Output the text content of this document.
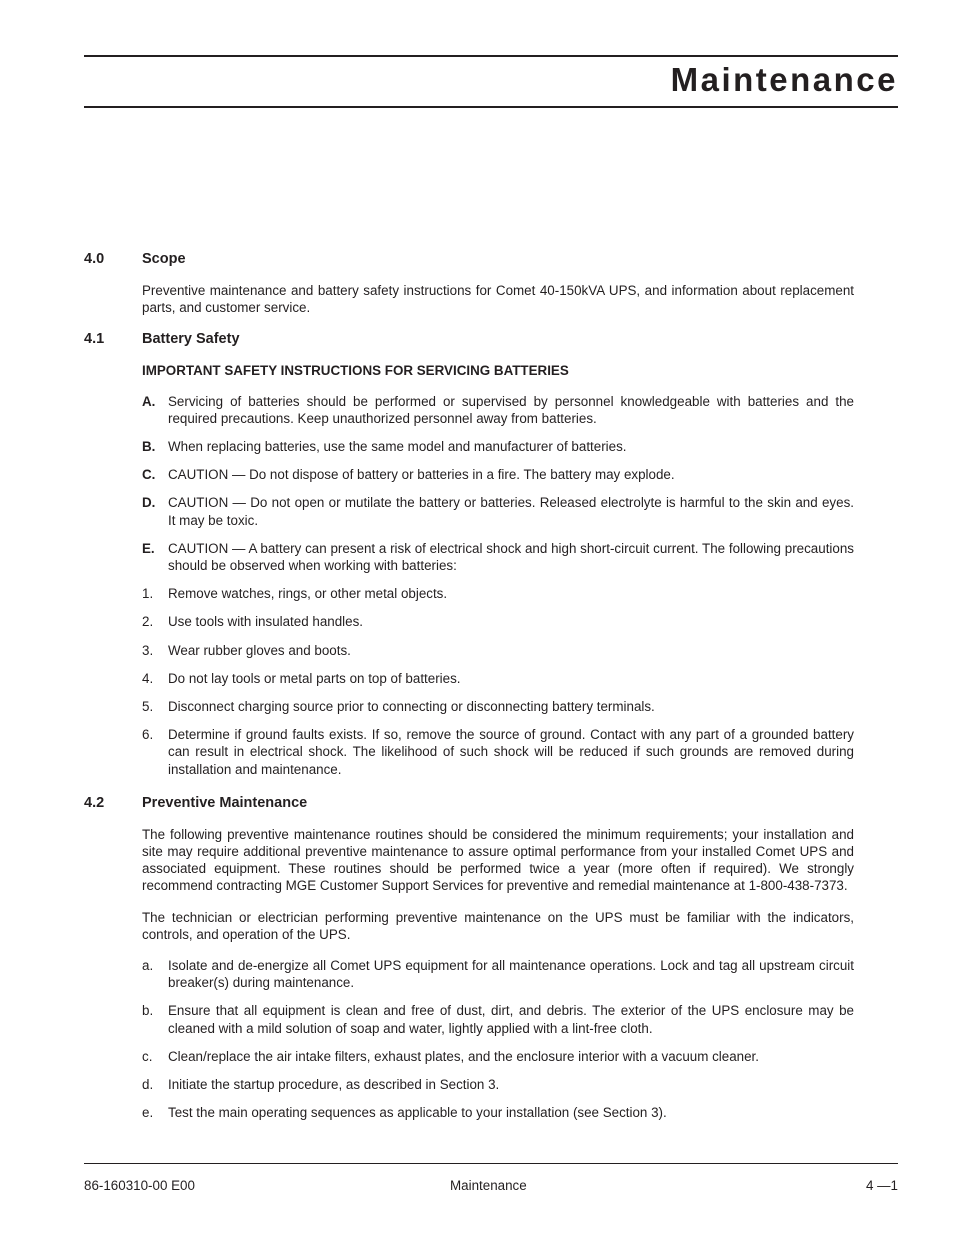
Maintenance
4.0	Scope

Preventive maintenance and battery safety instructions for Comet 40-150kVA UPS, and information about replacement parts, and customer service.

4.1	Battery Safety
IMPORTANT SAFETY INSTRUCTIONS FOR SERVICING BATTERIES
A. Servicing of batteries should be performed or supervised by personnel knowledgeable with batteries and the required precautions. Keep unauthorized personnel away from batteries.
B. When replacing batteries, use the same model and manufacturer of batteries.
C. CAUTION — Do not dispose of battery or batteries in a fire. The battery may explode.
D. CAUTION — Do not open or mutilate the battery or batteries. Released electrolyte is harmful to the skin and eyes. It may be toxic.
E. CAUTION — A battery can present a risk of electrical shock and high short-circuit current. The following precautions should be observed when working with batteries:
1.	Remove watches, rings, or other metal objects.
2.	Use tools with insulated handles.
3.	Wear rubber gloves and boots.
4.	Do not lay tools or metal parts on top of batteries.
5.	Disconnect charging source prior to connecting or disconnecting battery terminals.
6.	Determine if ground faults exists. If so, remove the source of ground. Contact with any part of a grounded battery can result in electrical shock. The likelihood of such shock will be reduced if such grounds are removed during installation and maintenance.
4.2	Preventive Maintenance

The following preventive maintenance routines should be considered the minimum requirements; your installation and site may require additional preventive maintenance to assure optimal performance from your installed Comet UPS and associated equipment. These routines should be performed twice a year (more often if required). We strongly recommend contracting MGE Customer Support Services for preventive and remedial maintenance at 1-800-438-7373.

The technician or electrician performing preventive maintenance on the UPS must be familiar with the indicators, controls, and operation of the UPS.

a.	Isolate and de-energize all Comet UPS equipment for all maintenance operations. Lock and tag all upstream circuit breaker(s) during maintenance.
b.	Ensure that all equipment is clean and free of dust, dirt, and debris. The exterior of the UPS enclosure may be cleaned with a mild solution of soap and water, lightly applied with a lint-free cloth.
c.	Clean/replace the air intake filters, exhaust plates, and the enclosure interior with a vacuum cleaner.
d.	Initiate the startup procedure, as described in Section 3.
e.	Test the main operating sequences as applicable to your installation (see Section 3).
86-160310-00 E00	Maintenance	4 —1
